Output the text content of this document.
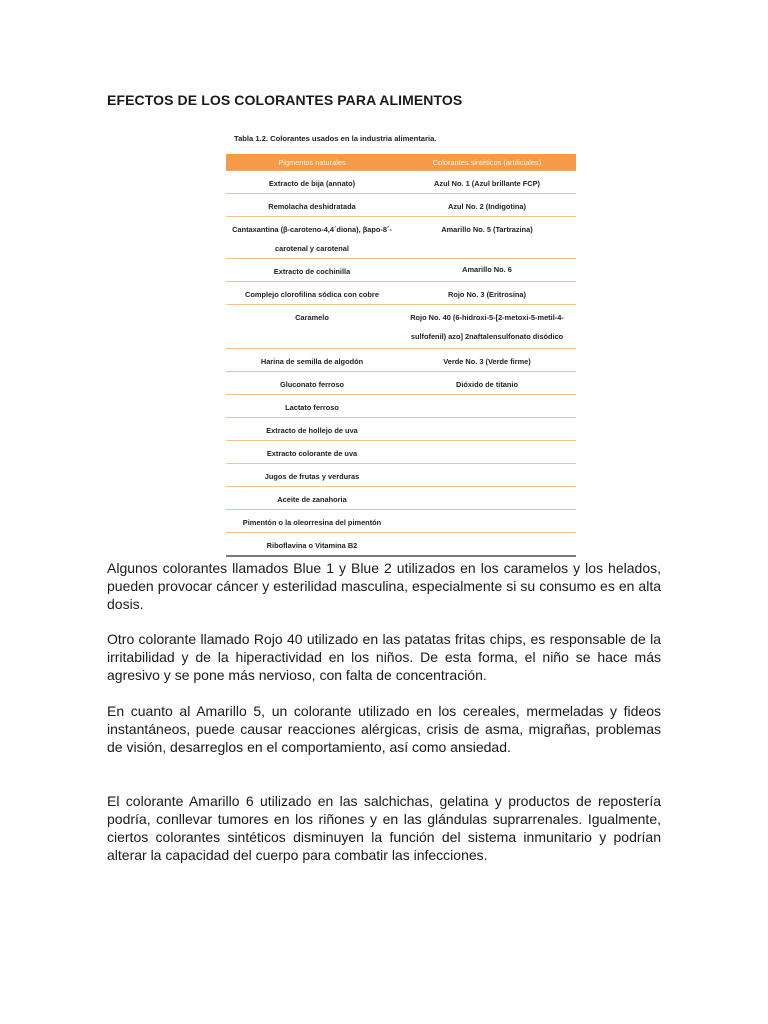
EFECTOS DE LOS COLORANTES PARA ALIMENTOS
Tabla 1.2. Colorantes usados en la industria alimentaria.
Pigmentos naturales	Colorantes sintéticos (artificiales)
Extracto de bija (annato)	Azul No. 1 (Azul brillante FCP)
Remolacha deshidratada	Azul No. 2 (Indigotina)
Cantaxantina (β-caroteno-4,4´diona), βapo-8´-carotenal y carotenal	Amarillo No. 5 (Tartrazina)
Extracto de cochinilla	Amarillo No. 6
Complejo clorofilina sódica con cobre	Rojo No. 3 (Eritrosina)
Caramelo	Rojo No. 40 (6-hidroxi-5-[2-metoxi-5-metil-4-sulfofenil) azo] 2naftalensulfonato disódico
Harina de semilla de algodón	Verde No. 3 (Verde firme)
Gluconato ferroso	Dióxido de titanio
Lactato ferroso	
Extracto de hollejo de uva	
Extracto colorante de uva	
Jugos de frutas y verduras	
Aceite de zanahoria	
Pimentón o la oleorresina del pimentón	
Riboflavina o Vitamina B2	

Algunos colorantes llamados Blue 1 y Blue 2 utilizados en los caramelos y los helados, pueden provocar cáncer y esterilidad masculina, especialmente si su consumo es en alta dosis.

Otro colorante llamado Rojo 40 utilizado en las patatas fritas chips, es responsable de la irritabilidad y de la hiperactividad en los niños. De esta forma, el niño se hace más agresivo y se pone más nervioso, con falta de concentración.

En cuanto al Amarillo 5, un colorante utilizado en los cereales, mermeladas y fideos instantáneos, puede causar reacciones alérgicas, crisis de asma, migrañas, problemas de visión, desarreglos en el comportamiento, así como ansiedad.

El colorante Amarillo 6 utilizado en las salchichas, gelatina y productos de repostería podría, conllevar tumores en los riñones y en las glándulas suprarrenales. Igualmente, ciertos colorantes sintéticos disminuyen la función del sistema inmunitario y podrían alterar la capacidad del cuerpo para combatir las infecciones.
